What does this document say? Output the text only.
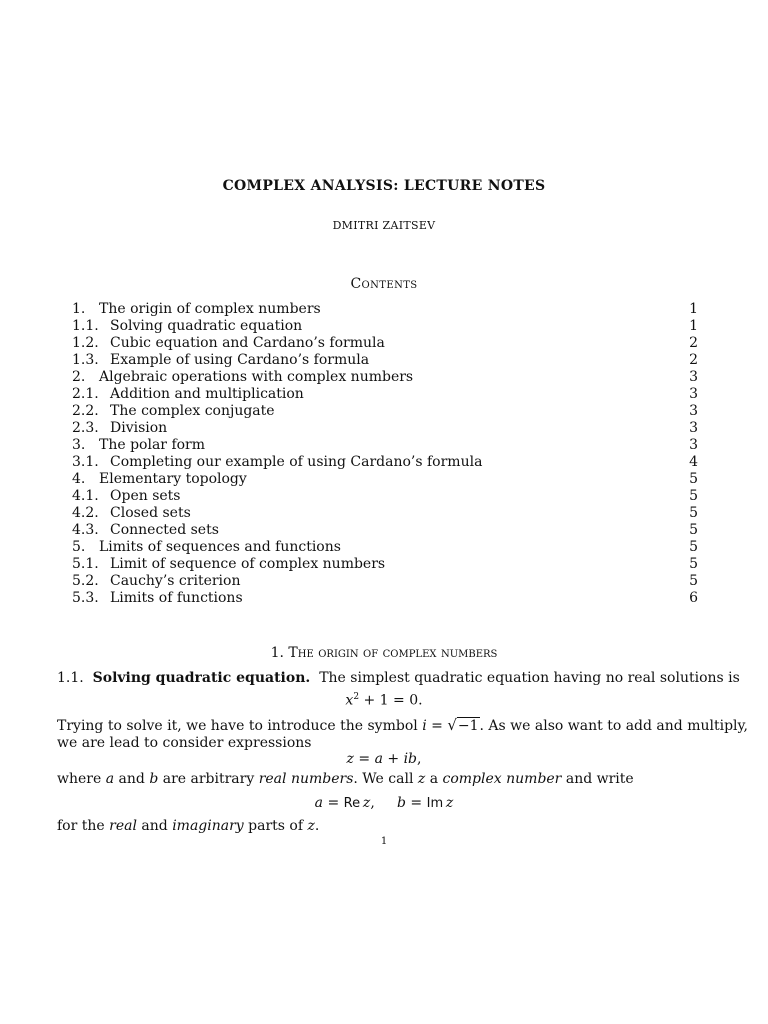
COMPLEX ANALYSIS: LECTURE NOTES
DMITRI ZAITSEV
Contents
1. The origin of complex numbers	1
1.1. Solving quadratic equation	1
1.2. Cubic equation and Cardano’s formula	2
1.3. Example of using Cardano’s formula	2
2. Algebraic operations with complex numbers	3
2.1. Addition and multiplication	3
2.2. The complex conjugate	3
2.3. Division	3
3. The polar form	3
3.1. Completing our example of using Cardano’s formula	4
4. Elementary topology	5
4.1. Open sets	5
4.2. Closed sets	5
4.3. Connected sets	5
5. Limits of sequences and functions	5
5.1. Limit of sequence of complex numbers	5
5.2. Cauchy’s criterion	5
5.3. Limits of functions	6
1. The origin of complex numbers
1.1. Solving quadratic equation. The simplest quadratic equation having no real solutions is
$x^2 + 1 = 0$.
Trying to solve it, we have to introduce the symbol i = √−1. As we also want to add and multiply,
we are lead to consider expressions
z = a + ib,
where a and b are arbitrary real numbers. We call z a complex number and write
a = Re  z,     b = Im  z
for the real and imaginary parts of z.
1
